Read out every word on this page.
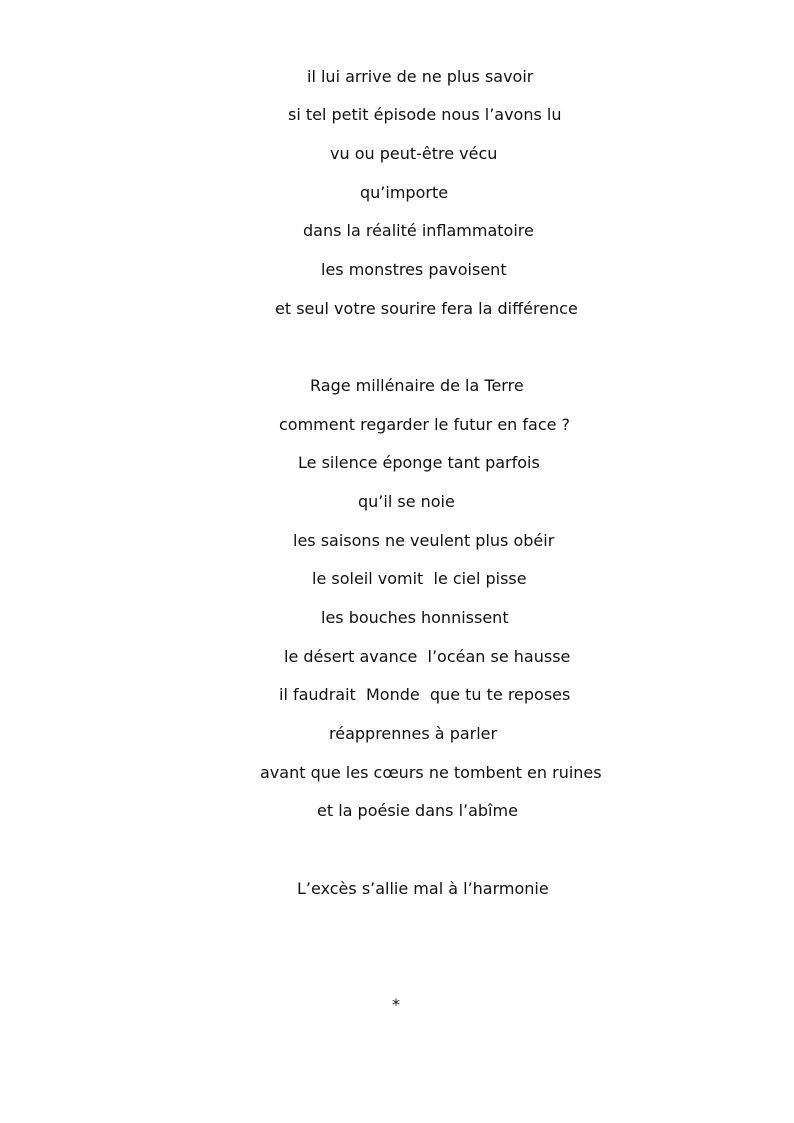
il lui arrive de ne plus savoir
si tel petit épisode nous l’avons lu
vu ou peut-être vécu
qu’importe
dans la réalité inflammatoire
les monstres pavoisent
et seul votre sourire fera la différence
Rage millénaire de la Terre
comment regarder le futur en face ?
Le silence éponge tant parfois
qu’il se noie
les saisons ne veulent plus obéir
le soleil vomit  le ciel pisse
les bouches honnissent
le désert avance  l’océan se hausse
il faudrait  Monde  que tu te reposes
réapprennes à parler
avant que les cœurs ne tombent en ruines
et la poésie dans l’abîme
L’excès s’allie mal à l’harmonie
*
